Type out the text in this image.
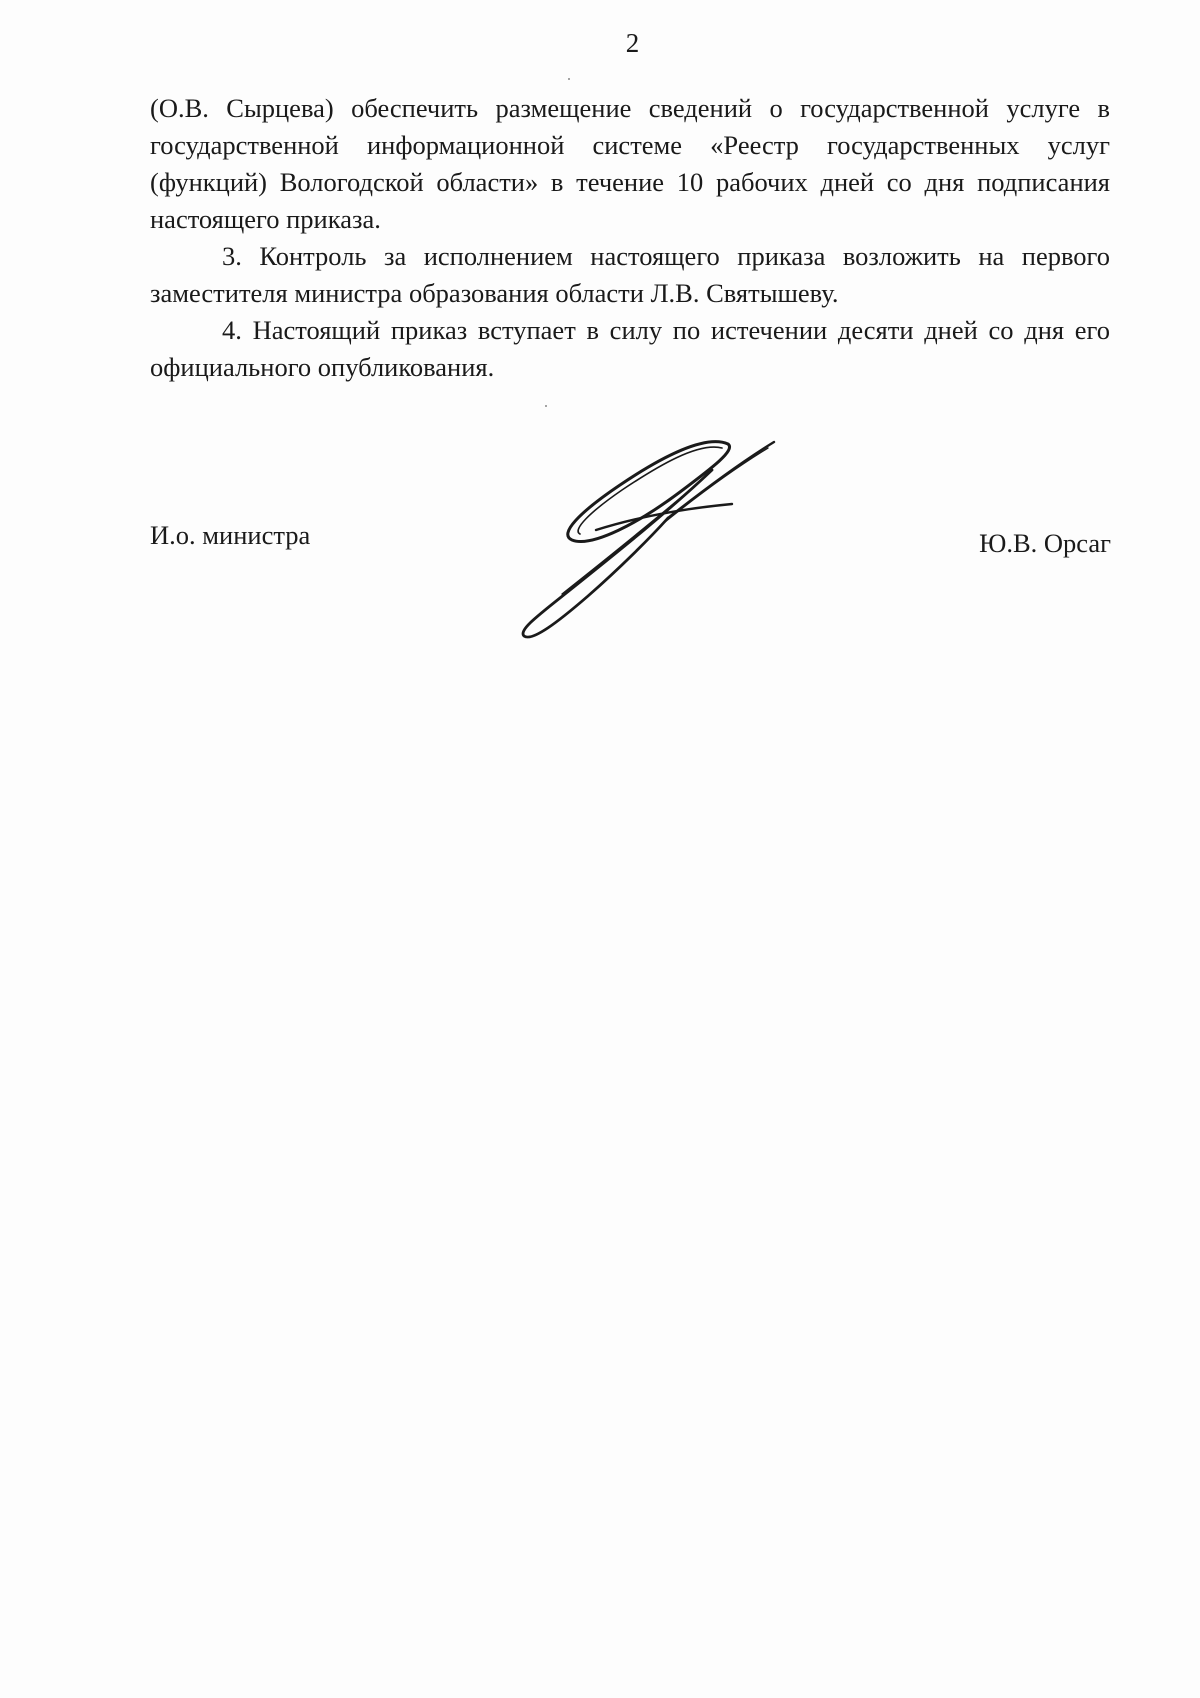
2

(О.В. Сырцева) обеспечить размещение сведений о государственной услуге в государственной информационной системе «Реестр государственных услуг (функций) Вологодской области» в течение 10 рабочих дней со дня подписания настоящего приказа.

3. Контроль за исполнением настоящего приказа возложить на первого заместителя министра образования области Л.В. Святышеву.

4. Настоящий приказ вступает в силу по истечении десяти дней со дня его официального опубликования.

И.о. министра	Ю.В. Орсаг
